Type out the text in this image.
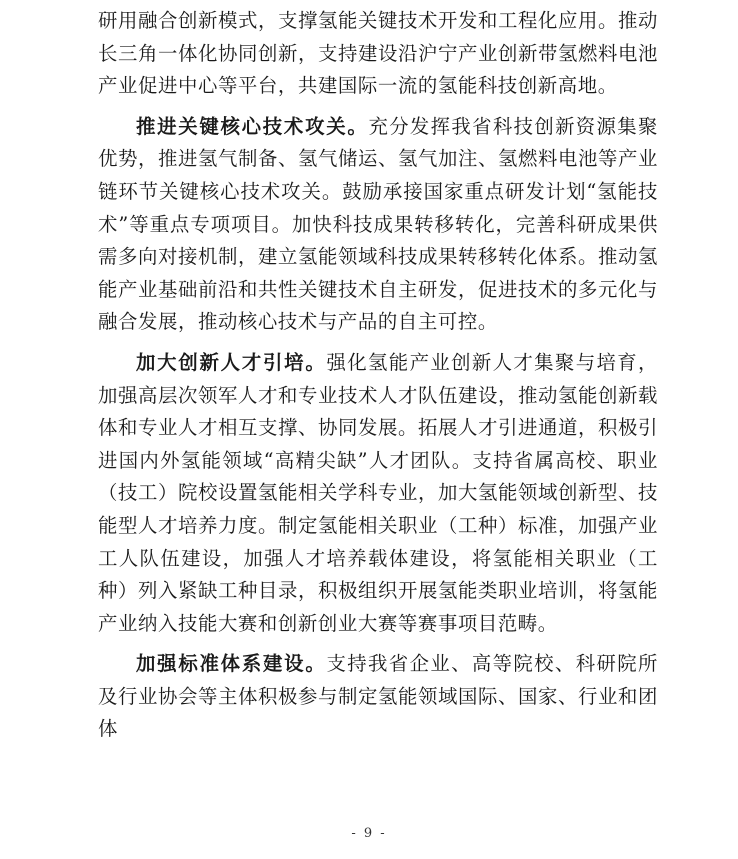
研用融合创新模式，支撑氢能关键技术开发和工程化应用。推动长三角一体化协同创新，支持建设沿沪宁产业创新带氢燃料电池产业促进中心等平台，共建国际一流的氢能科技创新高地。

推进关键核心技术攻关。充分发挥我省科技创新资源集聚优势，推进氢气制备、氢气储运、氢气加注、氢燃料电池等产业链环节关键核心技术攻关。鼓励承接国家重点研发计划“氢能技术”等重点专项项目。加快科技成果转移转化，完善科研成果供需多向对接机制，建立氢能领域科技成果转移转化体系。推动氢能产业基础前沿和共性关键技术自主研发，促进技术的多元化与融合发展，推动核心技术与产品的自主可控。

加大创新人才引培。强化氢能产业创新人才集聚与培育，加强高层次领军人才和专业技术人才队伍建设，推动氢能创新载体和专业人才相互支撑、协同发展。拓展人才引进通道，积极引进国内外氢能领域“高精尖缺”人才团队。支持省属高校、职业（技工）院校设置氢能相关学科专业，加大氢能领域创新型、技能型人才培养力度。制定氢能相关职业（工种）标准，加强产业工人队伍建设，加强人才培养载体建设，将氢能相关职业（工种）列入紧缺工种目录，积极组织开展氢能类职业培训，将氢能产业纳入技能大赛和创新创业大赛等赛事项目范畴。

加强标准体系建设。支持我省企业、高等院校、科研院所及行业协会等主体积极参与制定氢能领域国际、国家、行业和团体

- 9 -
